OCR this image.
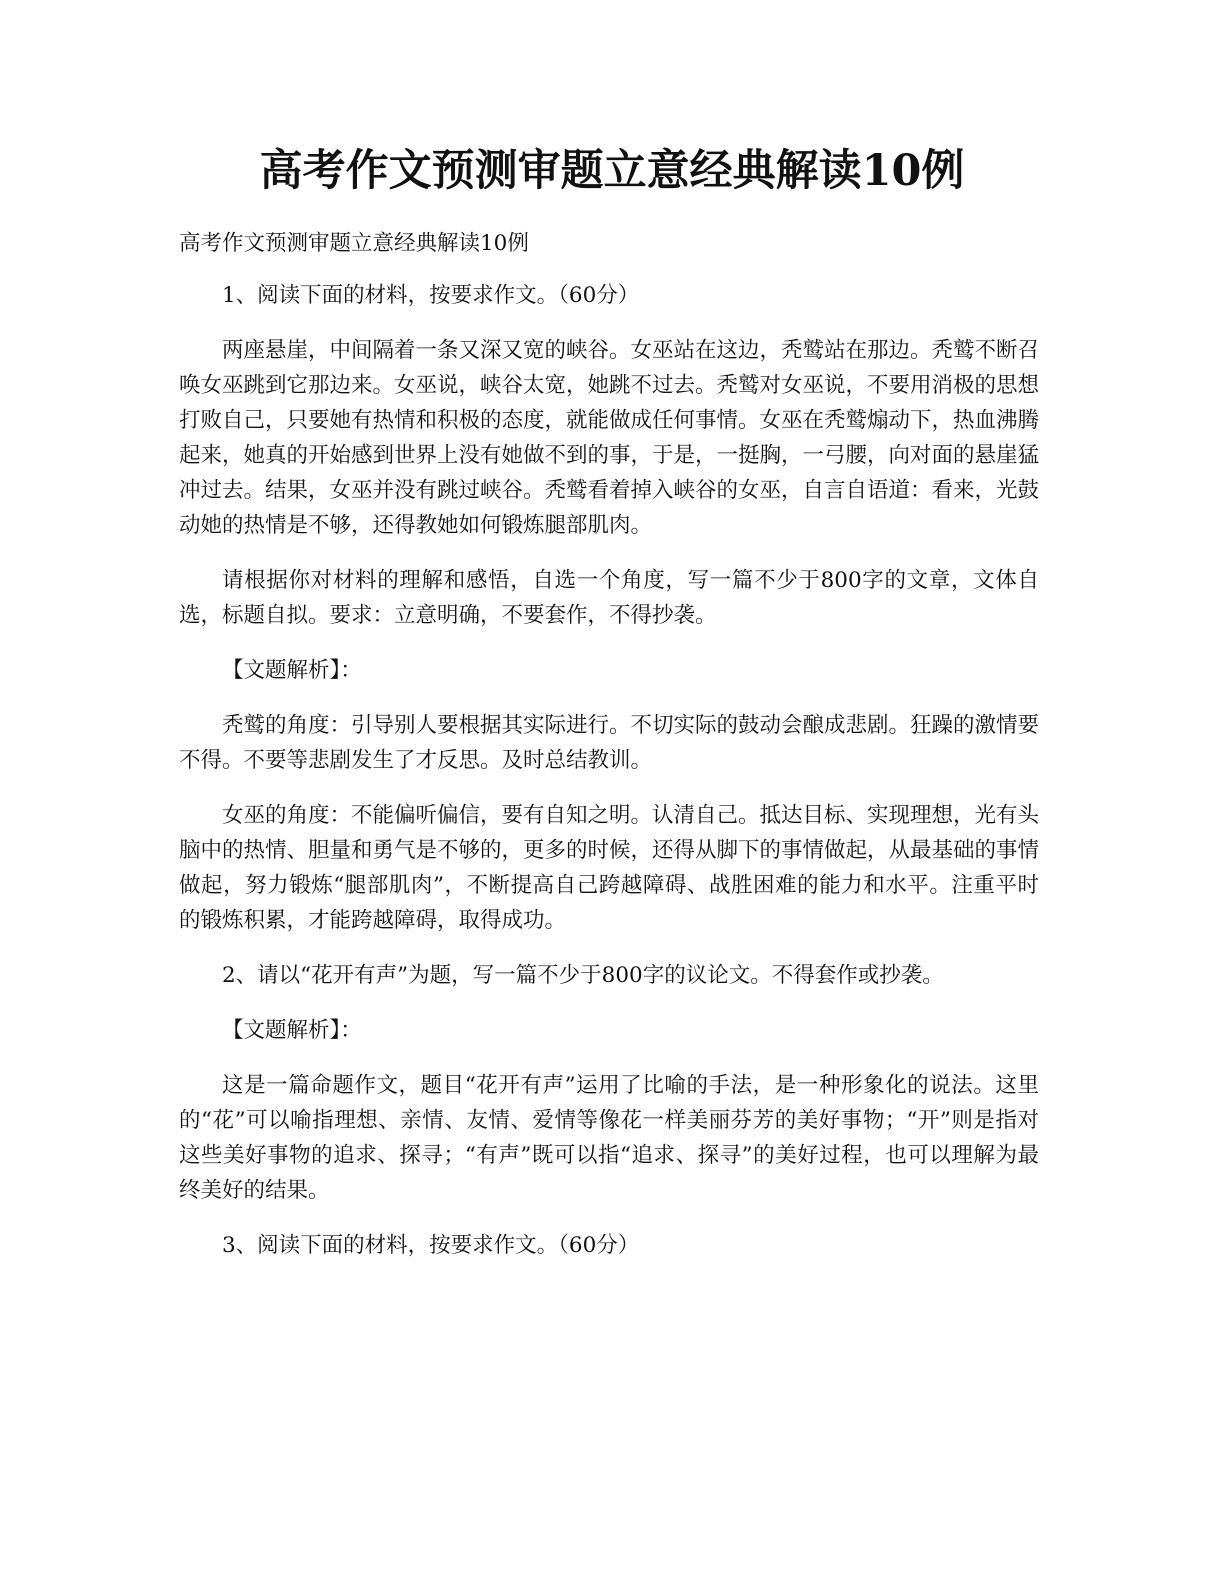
高考作文预测审题立意经典解读10例

高考作文预测审题立意经典解读10例

1、阅读下面的材料，按要求作文。（60分）

两座悬崖，中间隔着一条又深又宽的峡谷。女巫站在这边，秃鹫站在那边。秃鹫不断召唤女巫跳到它那边来。女巫说，峡谷太宽，她跳不过去。秃鹫对女巫说，不要用消极的思想打败自己，只要她有热情和积极的态度，就能做成任何事情。女巫在秃鹫煽动下，热血沸腾起来，她真的开始感到世界上没有她做不到的事，于是，一挺胸，一弓腰，向对面的悬崖猛冲过去。结果，女巫并没有跳过峡谷。秃鹫看着掉入峡谷的女巫，自言自语道：看来，光鼓动她的热情是不够，还得教她如何锻炼腿部肌肉。

请根据你对材料的理解和感悟，自选一个角度，写一篇不少于800字的文章，文体自选，标题自拟。要求：立意明确，不要套作，不得抄袭。

【文题解析】：

秃鹫的角度：引导别人要根据其实际进行。不切实际的鼓动会酿成悲剧。狂躁的激情要不得。不要等悲剧发生了才反思。及时总结教训。

女巫的角度：不能偏听偏信，要有自知之明。认清自己。抵达目标、实现理想，光有头脑中的热情、胆量和勇气是不够的，更多的时候，还得从脚下的事情做起，从最基础的事情做起，努力锻炼“腿部肌肉”，不断提高自己跨越障碍、战胜困难的能力和水平。注重平时的锻炼积累，才能跨越障碍，取得成功。

2、请以“花开有声”为题，写一篇不少于800字的议论文。不得套作或抄袭。

【文题解析】：

这是一篇命题作文，题目“花开有声”运用了比喻的手法，是一种形象化的说法。这里的“花”可以喻指理想、亲情、友情、爱情等像花一样美丽芬芳的美好事物；“开”则是指对这些美好事物的追求、探寻；“有声”既可以指“追求、探寻”的美好过程，也可以理解为最终美好的结果。

3、阅读下面的材料，按要求作文。（60分）
